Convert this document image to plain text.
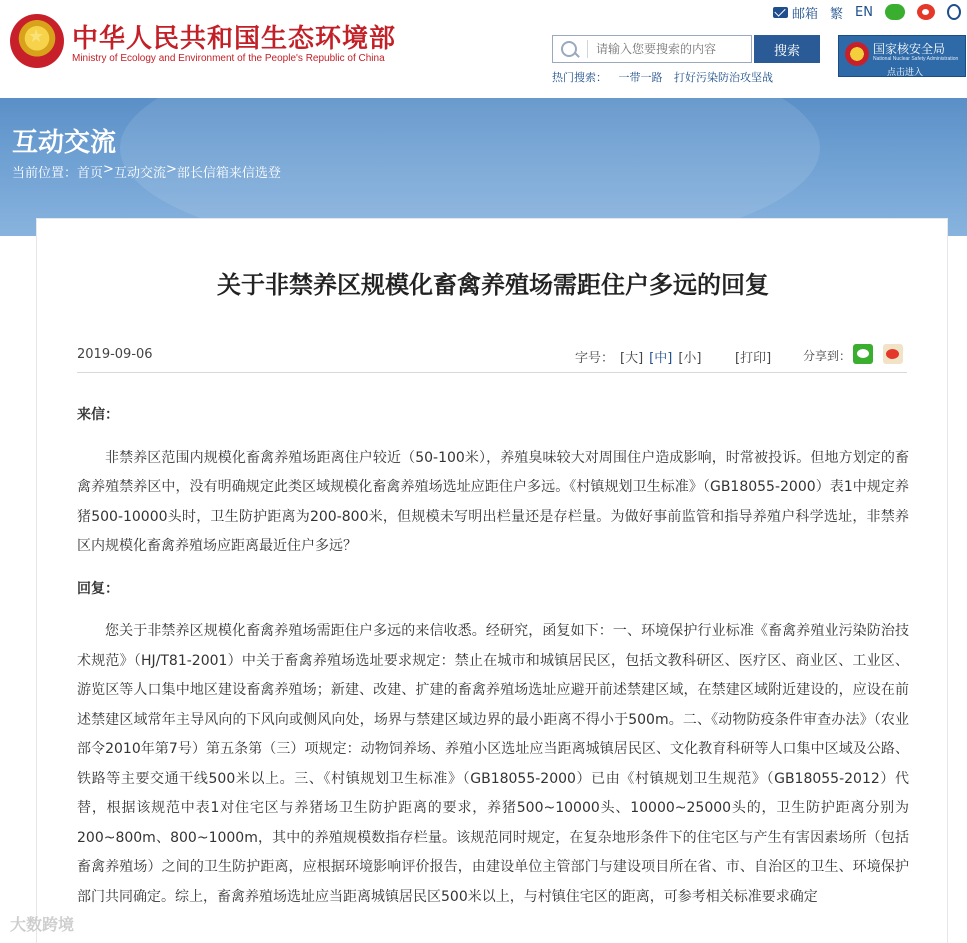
★ 中华人民共和国生态环境部
Ministry of Ecology and Environment of the People's Republic of China
邮箱 繁 EN
请输入您要搜索的内容
搜索
热门搜索： 一带一路 打好污染防治攻坚战
国家核安全局
National Nuclear Safety Administration
点击进入
互动交流
当前位置： 首页 > 互动交流 > 部长信箱来信选登
关于非禁养区规模化畜禽养殖场需距住户多远的回复
2019-09-06	字号： [大] [中] [小]	[打印]	分享到：
来信：

非禁养区范围内规模化畜禽养殖场距离住户较近（50-100米），养殖臭味较大对周围住户造成影响，时常被投诉。但地方划定的畜禽养殖禁养区中，没有明确规定此类区域规模化畜禽养殖场选址应距住户多远。《村镇规划卫生标准》（GB18055-2000）表1中规定养猪500-10000头时，卫生防护距离为200-800米，但规模未写明出栏量还是存栏量。为做好事前监管和指导养殖户科学选址，非禁养区内规模化畜禽养殖场应距离最近住户多远？

回复：

您关于非禁养区规模化畜禽养殖场需距住户多远的来信收悉。经研究，函复如下：一、环境保护行业标准《畜禽养殖业污染防治技术规范》（HJ/T81-2001）中关于畜禽养殖场选址要求规定：禁止在城市和城镇居民区，包括文教科研区、医疗区、商业区、工业区、游览区等人口集中地区建设畜禽养殖场；新建、改建、扩建的畜禽养殖场选址应避开前述禁建区域，在禁建区域附近建设的，应设在前述禁建区域常年主导风向的下风向或侧风向处，场界与禁建区域边界的最小距离不得小于500m。二、《动物防疫条件审查办法》（农业部令2010年第7号）第五条第（三）项规定：动物饲养场、养殖小区选址应当距离城镇居民区、文化教育科研等人口集中区域及公路、铁路等主要交通干线500米以上。三、《村镇规划卫生标准》（GB18055-2000）已由《村镇规划卫生规范》（GB18055-2012）代替，根据该规范中表1对住宅区与养猪场卫生防护距离的要求，养猪500~10000头、10000~25000头的，卫生防护距离分别为200~800m、800~1000m，其中的养殖规模数指存栏量。该规范同时规定，在复杂地形条件下的住宅区与产生有害因素场所（包括畜禽养殖场）之间的卫生防护距离，应根据环境影响评价报告，由建设单位主管部门与建设项目所在省、市、自治区的卫生、环境保护部门共同确定。综上，畜禽养殖场选址应当距离城镇居民区500米以上，与村镇住宅区的距离，可参考相关标准要求确定

大数跨境
